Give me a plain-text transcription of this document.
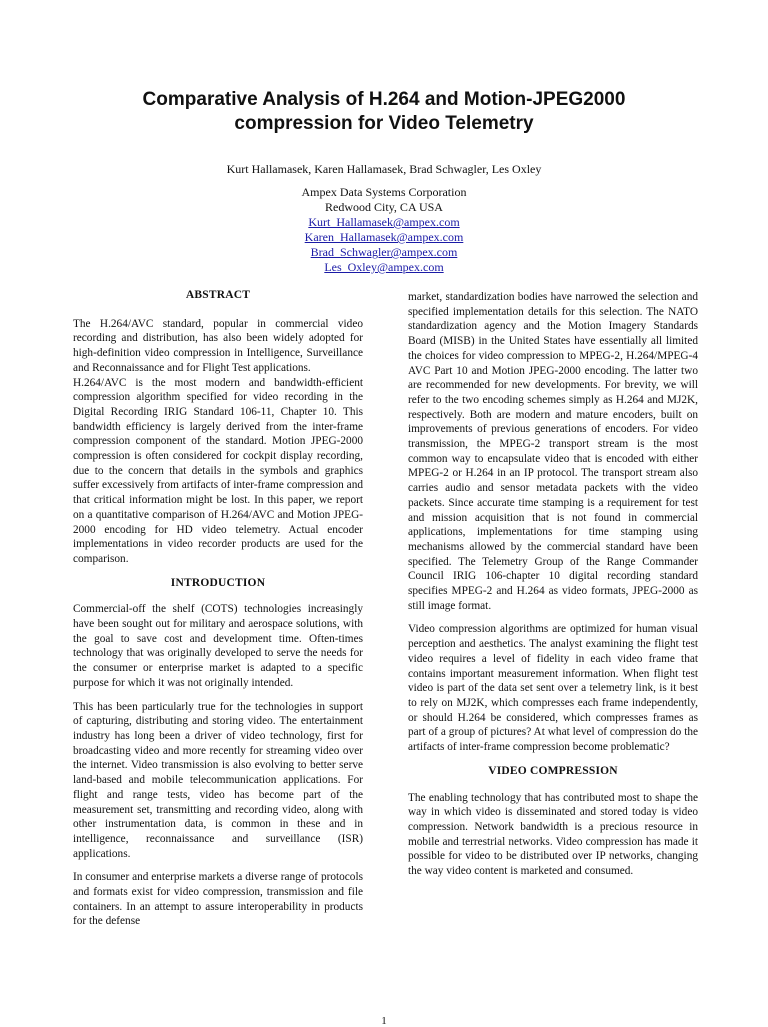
Comparative Analysis of H.264 and Motion-JPEG2000
compression for Video Telemetry
Kurt Hallamasek, Karen Hallamasek, Brad Schwagler, Les Oxley
Ampex Data Systems Corporation
Redwood City, CA USA
Kurt_Hallamasek@ampex.com
Karen_Hallamasek@ampex.com
Brad_Schwagler@ampex.com
Les_Oxley@ampex.com
ABSTRACT

The H.264/AVC standard, popular in commercial video recording and distribution, has also been widely adopted for high-definition video compression in Intelligence, Surveillance and Reconnaissance and for Flight Test applications.

H.264/AVC is the most modern and bandwidth-efficient compression algorithm specified for video recording in the Digital Recording IRIG Standard 106-11, Chapter 10. This bandwidth efficiency is largely derived from the inter-frame compression component of the standard. Motion JPEG-2000 compression is often considered for cockpit display recording, due to the concern that details in the symbols and graphics suffer excessively from artifacts of inter-frame compression and that critical information might be lost. In this paper, we report on a quantitative comparison of H.264/AVC and Motion JPEG-2000 encoding for HD video telemetry. Actual encoder implementations in video recorder products are used for the comparison.

INTRODUCTION

Commercial-off the shelf (COTS) technologies increasingly have been sought out for military and aerospace solutions, with the goal to save cost and development time. Often-times technology that was originally developed to serve the needs for the consumer or enterprise market is adapted to a specific purpose for which it was not originally intended.

This has been particularly true for the technologies in support of capturing, distributing and storing video. The entertainment industry has long been a driver of video technology, first for broadcasting video and more recently for streaming video over the internet. Video transmission is also evolving to better serve land-based and mobile telecommunication applications. For flight and range tests, video has become part of the measurement set, transmitting and recording video, along with other instrumentation data, is common in these and in intelligence, reconnaissance and surveillance (ISR) applications.

In consumer and enterprise markets a diverse range of protocols and formats exist for video compression, transmission and file containers. In an attempt to assure interoperability in products for the defense

market, standardization bodies have narrowed the selection and specified implementation details for this selection. The NATO standardization agency and the Motion Imagery Standards Board (MISB) in the United States have essentially all limited the choices for video compression to MPEG-2, H.264/MPEG-4 AVC Part 10 and Motion JPEG-2000 encoding. The latter two are recommended for new developments. For brevity, we will refer to the two encoding schemes simply as H.264 and MJ2K, respectively. Both are modern and mature encoders, built on improvements of previous generations of encoders. For video transmission, the MPEG-2 transport stream is the most common way to encapsulate video that is encoded with either MPEG-2 or H.264 in an IP protocol. The transport stream also carries audio and sensor metadata packets with the video packets. Since accurate time stamping is a requirement for test and mission acquisition that is not found in commercial applications, implementations for time stamping using mechanisms allowed by the commercial standard have been specified. The Telemetry Group of the Range Commander Council IRIG 106-chapter 10 digital recording standard specifies MPEG-2 and H.264 as video formats, JPEG-2000 as still image format.

Video compression algorithms are optimized for human visual perception and aesthetics. The analyst examining the flight test video requires a level of fidelity in each video frame that contains important measurement information. When flight test video is part of the data set sent over a telemetry link, is it best to rely on MJ2K, which compresses each frame independently, or should H.264 be considered, which compresses frames as part of a group of pictures? At what level of compression do the artifacts of inter-frame compression become problematic?

VIDEO COMPRESSION

The enabling technology that has contributed most to shape the way in which video is disseminated and stored today is video compression. Network bandwidth is a precious resource in mobile and terrestrial networks. Video compression has made it possible for video to be distributed over IP networks, changing the way video content is marketed and consumed.

1
